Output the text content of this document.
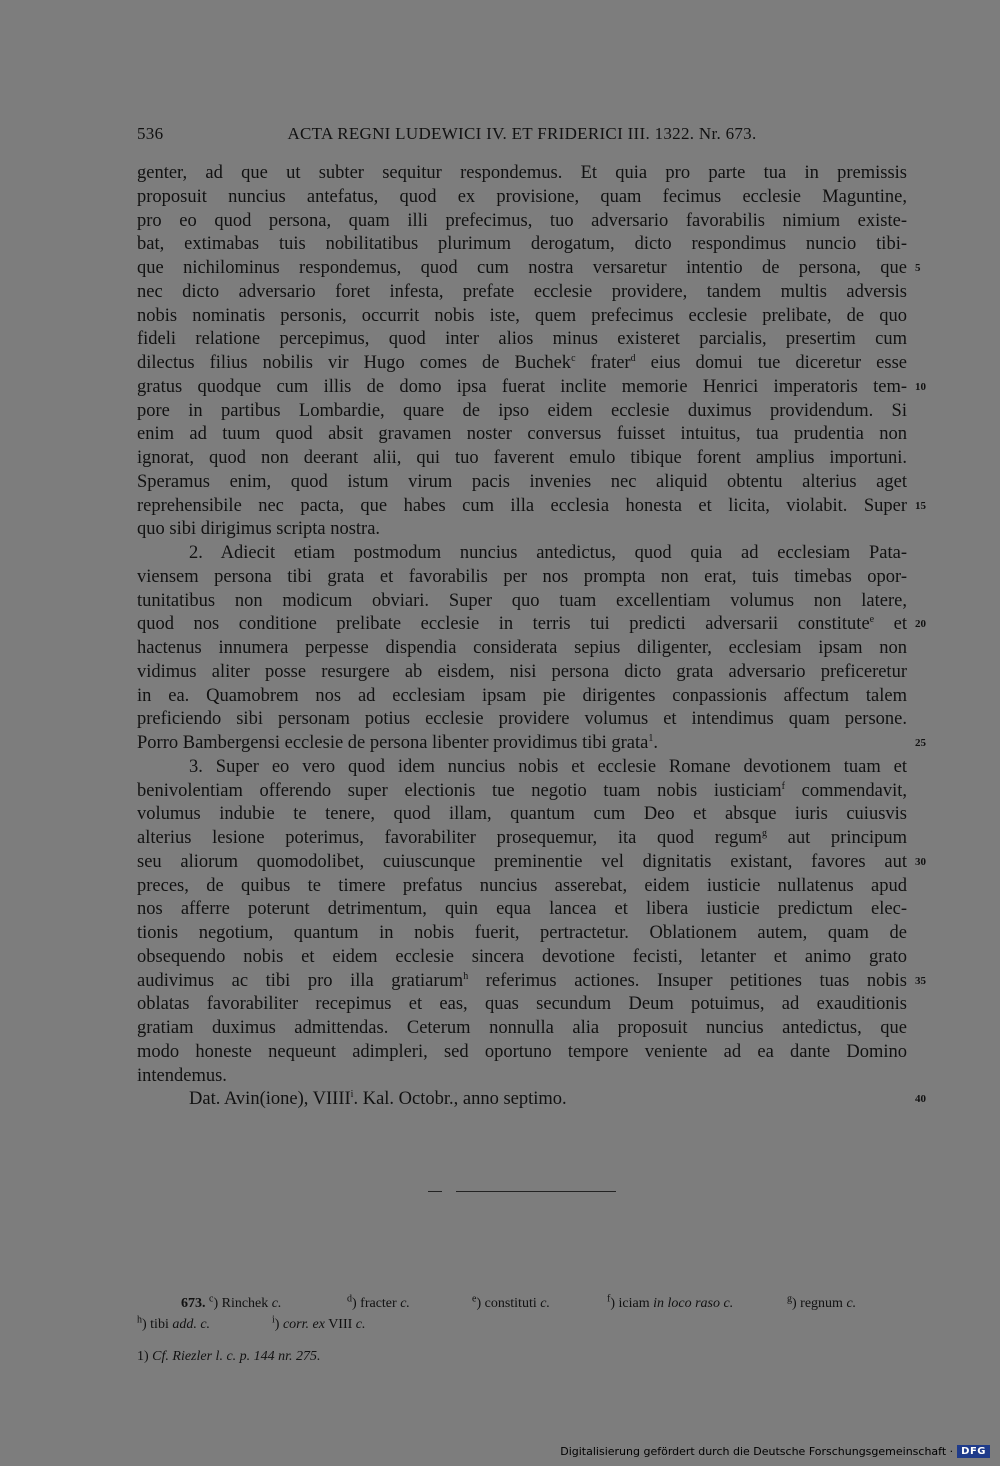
536	ACTA REGNI LUDEWICI IV. ET FRIDERICI III. 1322. Nr. 673.
genter, ad que ut subter sequitur respondemus. Et quia pro parte tua in premissis
proposuit nuncius antefatus, quod ex provisione, quam fecimus ecclesie Maguntine,
pro eo quod persona, quam illi prefecimus, tuo adversario favorabilis nimium existe-
bat, extimabas tuis nobilitatibus plurimum derogatum, dicto respondimus nuncio tibi-
que nichilominus respondemus, quod cum nostra versaretur intentio de persona, que 5
nec dicto adversario foret infesta, prefate ecclesie providere, tandem multis adversis
nobis nominatis personis, occurrit nobis iste, quem prefecimus ecclesie prelibate, de quo
fideli relatione percepimus, quod inter alios minus existeret parcialis, presertim cum
dilectus filius nobilis vir Hugo comes de Buchek$^c$ frater$^d$ eius domui tue diceretur esse
gratus quodque cum illis de domo ipsa fuerat inclite memorie Henrici imperatoris tem- 10
pore in partibus Lombardie, quare de ipso eidem ecclesie duximus providendum. Si
enim ad tuum quod absit gravamen noster conversus fuisset intuitus, tua prudentia non
ignorat, quod non deerant alii, qui tuo faverent emulo tibique forent amplius importuni.
Speramus enim, quod istum virum pacis invenies nec aliquid obtentu alterius aget
reprehensibile nec pacta, que habes cum illa ecclesia honesta et licita, violabit. Super 15
quo sibi dirigimus scripta nostra.
2. Adiecit etiam postmodum nuncius antedictus, quod quia ad ecclesiam Pata-
viensem persona tibi grata et favorabilis per nos prompta non erat, tuis timebas opor-
tunitatibus non modicum obviari. Super quo tuam excellentiam volumus non latere,
quod nos conditione prelibate ecclesie in terris tui predicti adversarii constitute$^e$ et 20
hactenus innumera perpesse dispendia considerata sepius diligenter, ecclesiam ipsam non
vidimus aliter posse resurgere ab eisdem, nisi persona dicto grata adversario preficeretur
in ea. Quamobrem nos ad ecclesiam ipsam pie dirigentes conpassionis affectum talem
preficiendo sibi personam potius ecclesie providere volumus et intendimus quam persone.
Porro Bambergensi ecclesie de persona libenter providimus tibi grata$^1$.	25
3. Super eo vero quod idem nuncius nobis et ecclesie Romane devotionem tuam et
benivolentiam offerendo super electionis tue negotio tuam nobis iusticiam$^f$ commendavit,
volumus indubie te tenere, quod illam, quantum cum Deo et absque iuris cuiusvis
alterius lesione poterimus, favorabiliter prosequemur, ita quod regum$^g$ aut principum
seu aliorum quomodolibet, cuiuscunque preminentie vel dignitatis existant, favores aut 30
preces, de quibus te timere prefatus nuncius asserebat, eidem iusticie nullatenus apud
nos afferre poterunt detrimentum, quin equa lancea et libera iusticie predictum elec-
tionis negotium, quantum in nobis fuerit, pertractetur. Oblationem autem, quam de
obsequendo nobis et eidem ecclesie sincera devotione fecisti, letanter et animo grato
audivimus ac tibi pro illa gratiarum$^h$ referimus actiones. Insuper petitiones tuas nobis 35
oblatas favorabiliter recepimus et eas, quas secundum Deum potuimus, ad exauditionis
gratiam duximus admittendas. Ceterum nonnulla alia proposuit nuncius antedictus, que
modo honeste nequeunt adimpleri, sed oportuno tempore veniente ad ea dante Domino
intendemus.
Dat. Avin(ione), VIIII$^i$. Kal. Octobr., anno septimo.	40
673. $^c$) Rinchek c.	$^d$) fracter c.	$^e$) constituti c.	$^f$) iciam in loco raso c.	$^g$) regnum c.
$^h$) tibi add. c.	$^i$) corr. ex VIII c.
1) Cf. Riezler l. c. p. 144 nr. 275.
Digitalisierung gefördert durch die Deutsche Forschungsgemeinschaft · DFG
